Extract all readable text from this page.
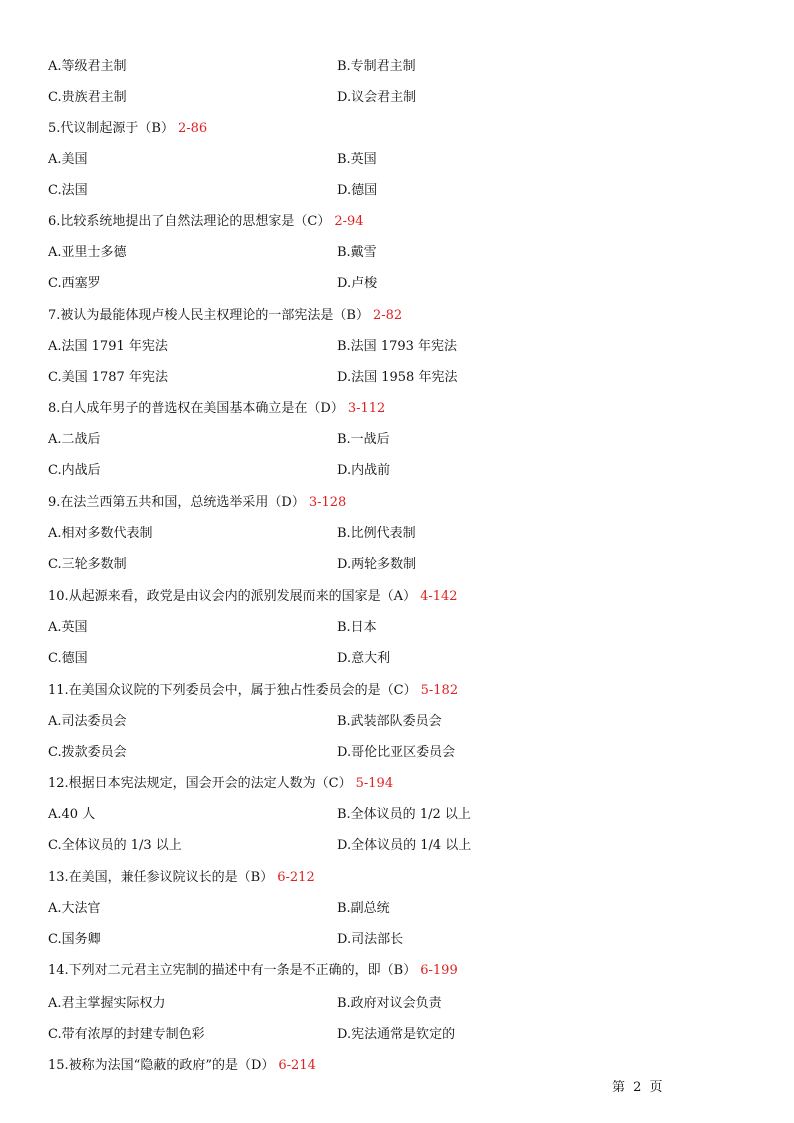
A.等级君主制	B.专制君主制
C.贵族君主制	D.议会君主制
5.代议制起源于（B） 2-86
A.美国	B.英国
C.法国	D.德国
6.比较系统地提出了自然法理论的思想家是（C） 2-94
A.亚里士多德	B.戴雪
C.西塞罗	D.卢梭
7.被认为最能体现卢梭人民主权理论的一部宪法是（B） 2-82
A.法国 1791 年宪法	B.法国 1793 年宪法
C.美国 1787 年宪法	D.法国 1958 年宪法
8.白人成年男子的普选权在美国基本确立是在（D） 3-112
A.二战后	B.一战后
C.内战后	D.内战前
9.在法兰西第五共和国，总统选举采用（D） 3-128
A.相对多数代表制	B.比例代表制
C.三轮多数制	D.两轮多数制
10.从起源来看，政党是由议会内的派别发展而来的国家是（A） 4-142
A.英国	B.日本
C.德国	D.意大利
11.在美国众议院的下列委员会中，属于独占性委员会的是（C） 5-182
A.司法委员会	B.武装部队委员会
C.拨款委员会	D.哥伦比亚区委员会
12.根据日本宪法规定，国会开会的法定人数为（C） 5-194
A.40 人	B.全体议员的 1/2 以上
C.全体议员的 1/3 以上	D.全体议员的 1/4 以上
13.在美国，兼任参议院议长的是（B） 6-212
A.大法官	B.副总统
C.国务卿	D.司法部长
14.下列对二元君主立宪制的描述中有一条是不正确的，即（B） 6-199
A.君主掌握实际权力	B.政府对议会负责
C.带有浓厚的封建专制色彩	D.宪法通常是钦定的
15.被称为法国“隐蔽的政府”的是（D） 6-214
第 2 页
